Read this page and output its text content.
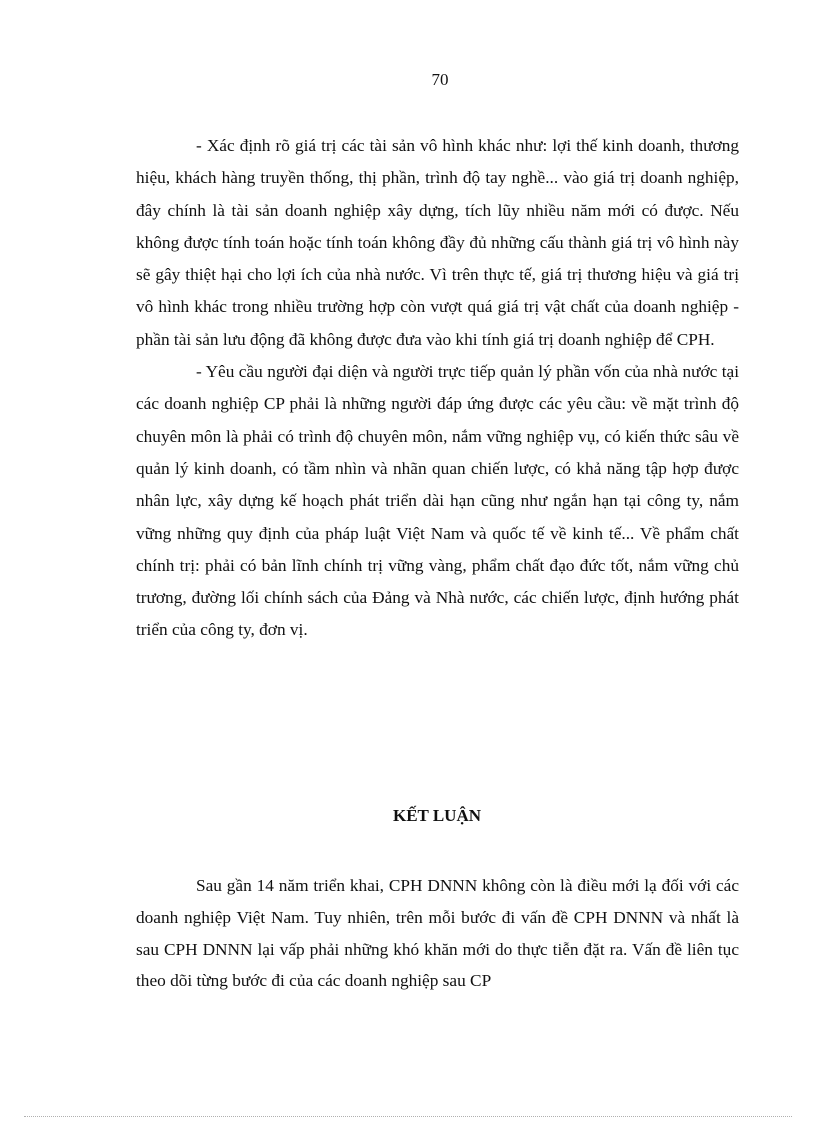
70

- Xác định rõ giá trị các tài sản vô hình khác như: lợi thế kinh doanh, thương hiệu, khách hàng truyền thống, thị phần, trình độ tay nghề... vào giá trị doanh nghiệp, đây chính là tài sản doanh nghiệp xây dựng, tích lũy nhiều năm mới có được. Nếu không được tính toán hoặc tính toán không đầy đủ những cấu thành giá trị vô hình này sẽ gây thiệt hại cho lợi ích của nhà nước. Vì trên thực tế, giá trị thương hiệu và giá trị vô hình khác trong nhiều trường hợp còn vượt quá giá trị vật chất của doanh nghiệp - phần tài sản lưu động đã không được đưa vào khi tính giá trị doanh nghiệp để CPH.

- Yêu cầu người đại diện và người trực tiếp quản lý phần vốn của nhà nước tại các doanh nghiệp CP phải là những người đáp ứng được các yêu cầu: về mặt trình độ chuyên môn là phải có trình độ chuyên môn, nắm vững nghiệp vụ, có kiến thức sâu về quản lý kinh doanh, có tầm nhìn và nhãn quan chiến lược, có khả năng tập hợp được nhân lực, xây dựng kế hoạch phát triển dài hạn cũng như ngắn hạn tại công ty, nắm vững những quy định của pháp luật Việt Nam và quốc tế về kinh tế... Về phẩm chất chính trị: phải có bản lĩnh chính trị vững vàng, phẩm chất đạo đức tốt, nắm vững chủ trương, đường lối chính sách của Đảng và Nhà nước, các chiến lược, định hướng phát triển của công ty, đơn vị.

KẾT LUẬN

Sau gần 14 năm triển khai, CPH DNNN không còn là điều mới lạ đối với các doanh nghiệp Việt Nam. Tuy nhiên, trên mỗi bước đi vấn đề CPH DNNN và nhất là sau CPH DNNN lại vấp phải những khó khăn mới do thực tiễn đặt ra. Vấn đề liên tục theo dõi từng bước đi của các doanh nghiệp sau CP
